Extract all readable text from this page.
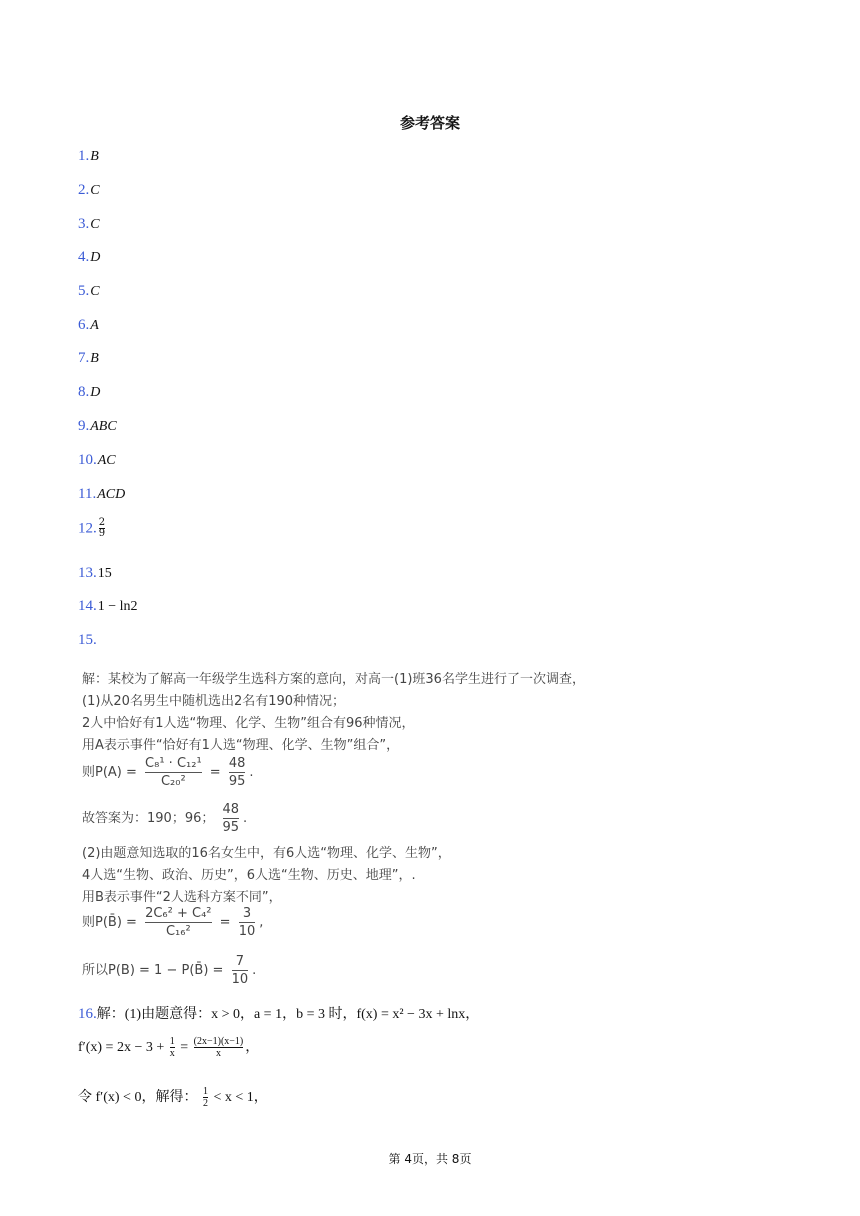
参考答案
1.B
2.C
3.C
4.D
5.C
6.A
7.B
8.D
9.ABC
10.AC
11.ACD
12. $\frac{2}{9}$
13.15
14.1 − ln2
15.
解：某校为了解高一年级学生选科方案的意向，对高一(1)班36名学生进行了一次调查，
(1)从20名男生中随机选出2名有190种情况；
2人中恰好有1人选“物理、化学、生物”组合有96种情况，
用A表示事件“恰好有1人选“物理、化学、生物”组合”，
则$P(A) = \frac{\text{C₈¹ · C₁₂¹}}{\text{C₂₀²}} = \frac{48}{95}$ .
故答案为：190；96； $\frac{48}{95}$ .
(2)由题意知选取的16名女生中，有6人选“物理、化学、生物”，
4人选“生物、政治、历史”，6人选“生物、历史、地理”，.
用B表示事件“2人选科方案不同”，
则P(B̄) = $\frac{\text{2C₆² + C₄²}}{\text{C₁₆²}} = \frac{3}{10}$ ,
所以P(B) = 1 − P(B̄) = $\frac{7}{10}$ .
16.解：(1)由题意得：x > 0，a = 1，b = 3 时，f(x) = x² − 3x + lnx，
$f'(x) = 2x - 3 + \frac{1}{x} = \frac{(2x-1)(x-1)}{x}$ ，
令 f′(x) < 0，解得： $\frac{1}{2} < x < 1$，
第 4页，共 8页
